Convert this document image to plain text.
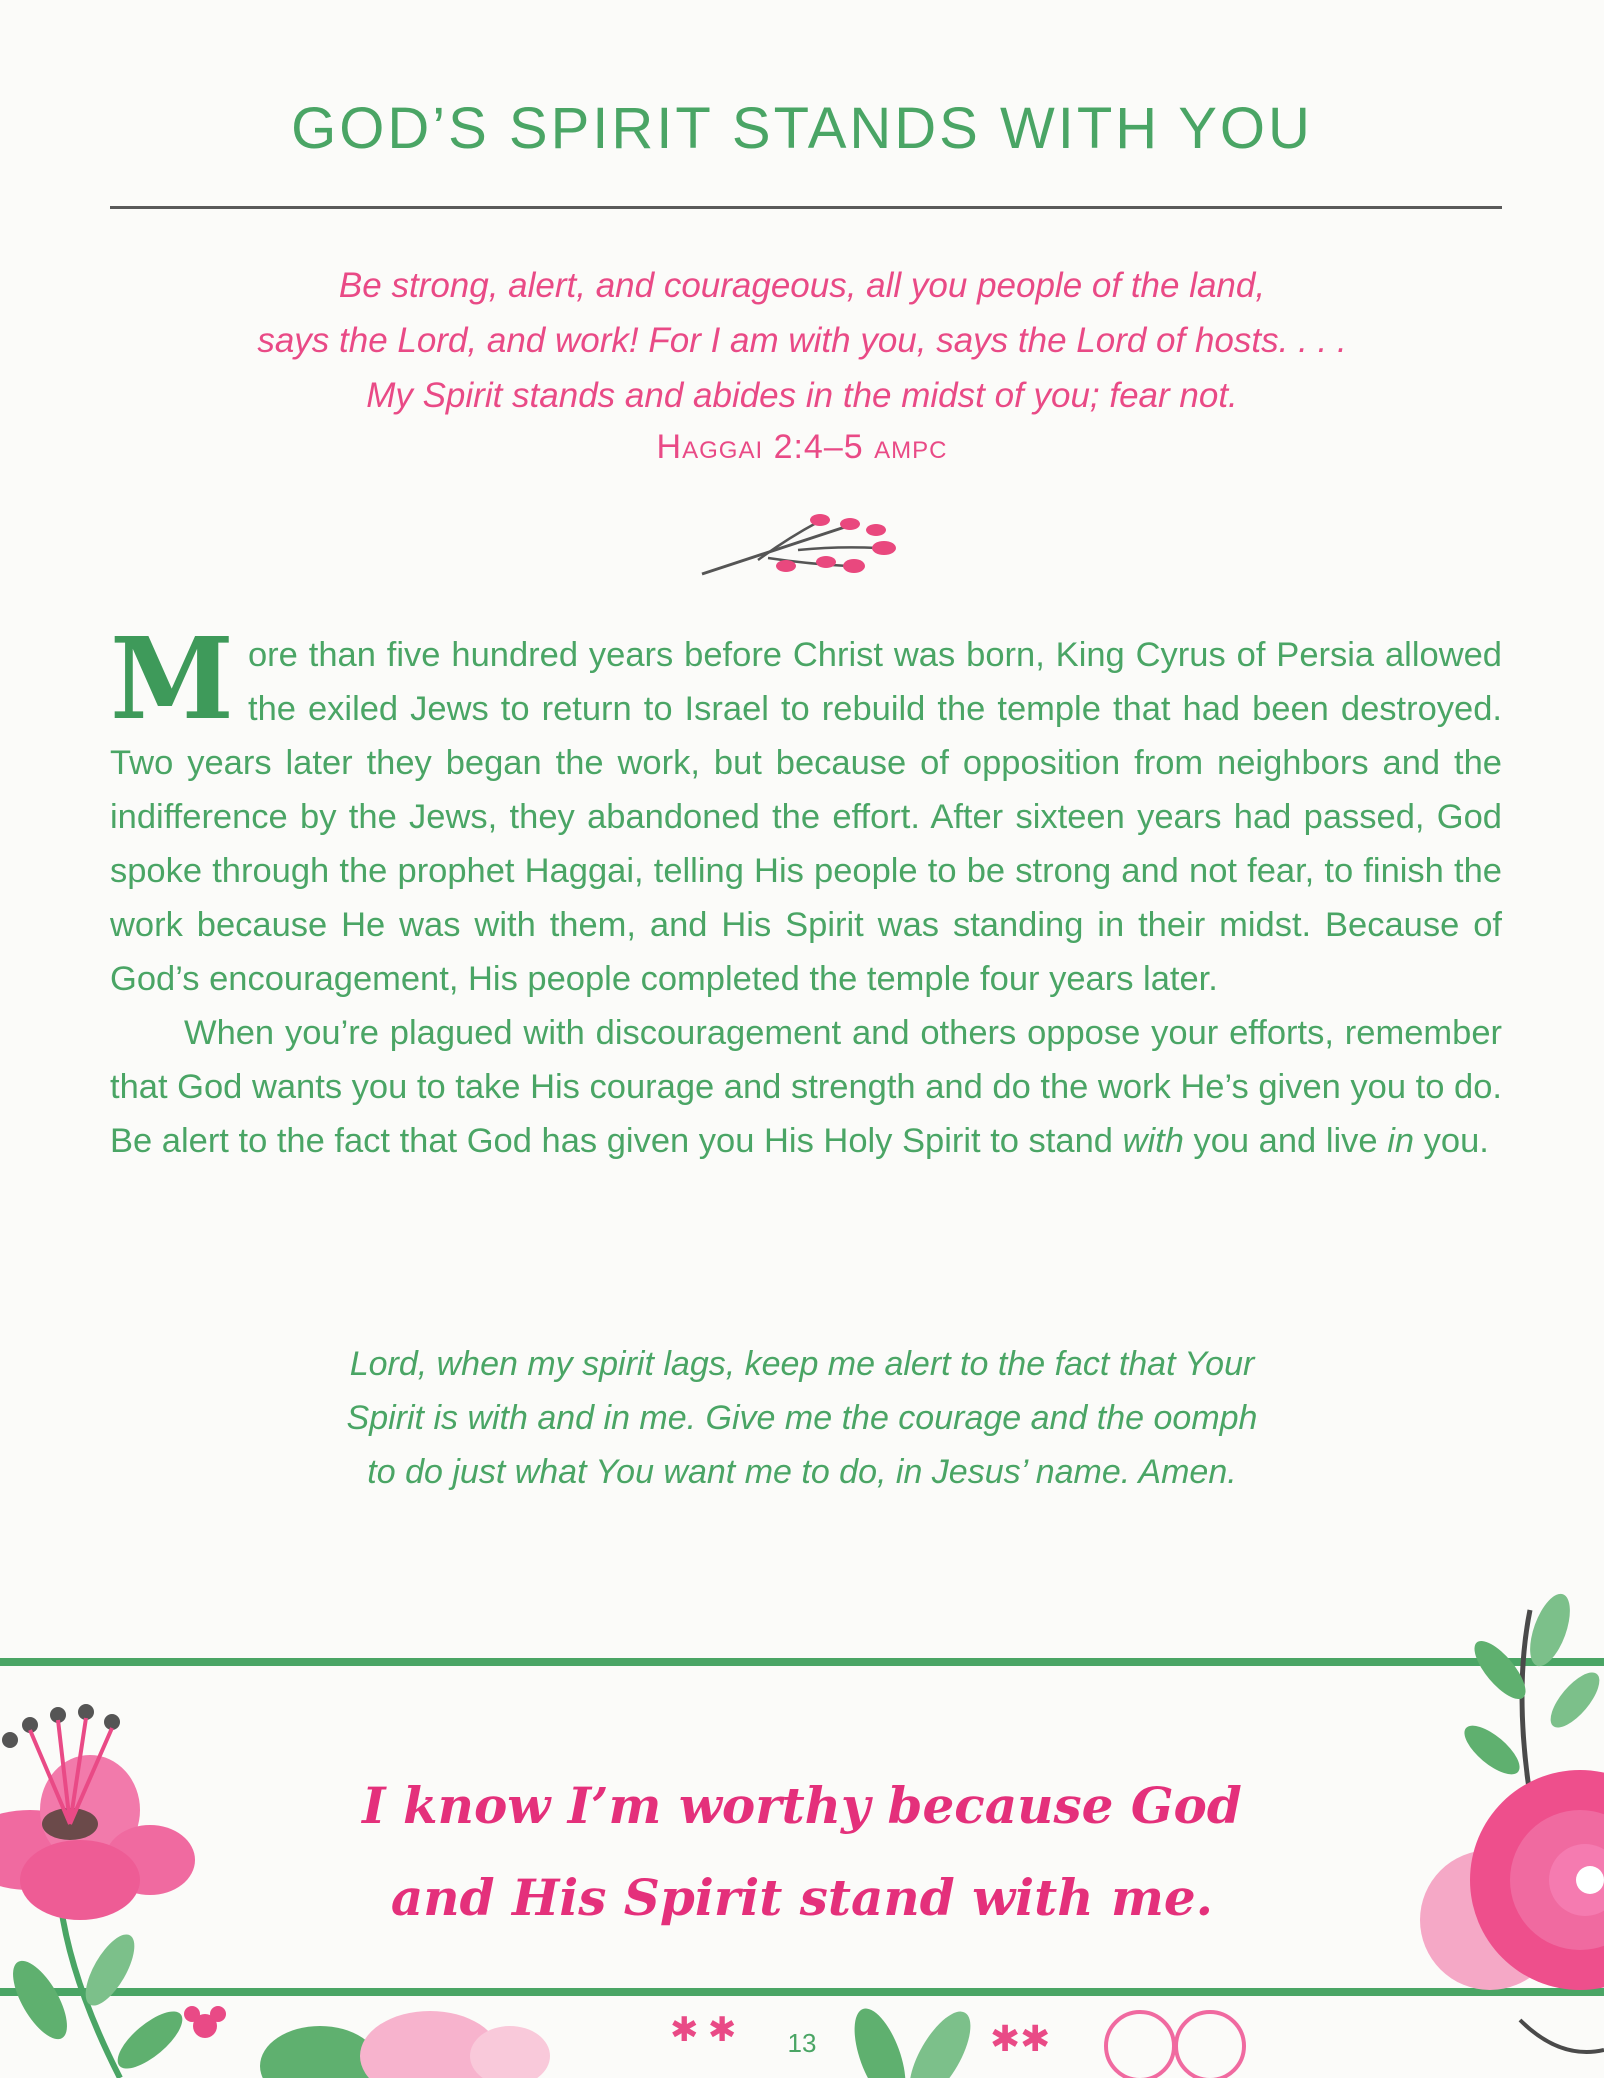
GOD’S SPIRIT STANDS WITH YOU
Be strong, alert, and courageous, all you people of the land,
says the Lord, and work! For I am with you, says the Lord of hosts. . . .
My Spirit stands and abides in the midst of you; fear not.
Haggai 2:4–5 AMPC

M ore than five hundred years before Christ was born, King Cyrus of Persia allowed the exiled Jews to return to Israel to rebuild the temple that had been destroyed. Two years later they began the work, but because of opposition from neighbors and the indifference by the Jews, they abandoned the effort. After sixteen years had passed, God spoke through the prophet Haggai, telling His people to be strong and not fear, to finish the work because He was with them, and His Spirit was standing in their midst. Because of God’s encouragement, His people completed the temple four years later.

When you’re plagued with discouragement and others oppose your efforts, remember that God wants you to take His courage and strength and do the work He’s given you to do. Be alert to the fact that God has given you His Holy Spirit to stand with you and live in you.

Lord, when my spirit lags, keep me alert to the fact that Your
Spirit is with and in me. Give me the courage and the oomph
to do just what You want me to do, in Jesus’ name. Amen.
✱ ✱	✱✱
I know I’m worthy because God
and His Spirit stand with me.
13
